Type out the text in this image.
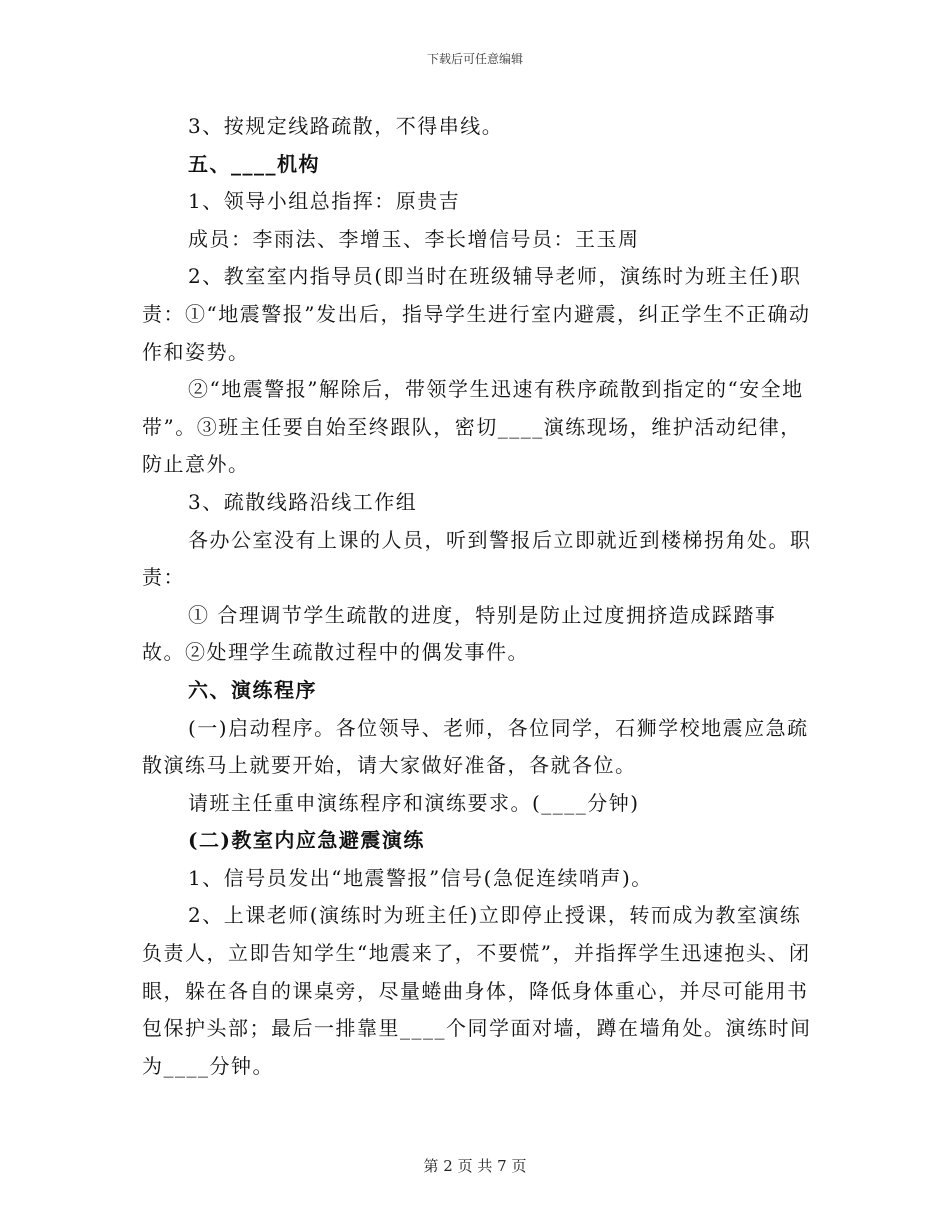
下载后可任意编辑

3、按规定线路疏散，不得串线。

五、____机构

1、领导小组总指挥：原贵吉

成员：李雨法、李增玉、李长增信号员：王玉周

2、教室室内指导员(即当时在班级辅导老师，演练时为班主任)职责：①“地震警报”发出后，指导学生进行室内避震，纠正学生不正确动作和姿势。

②“地震警报”解除后，带领学生迅速有秩序疏散到指定的“安全地带”。③班主任要自始至终跟队，密切____演练现场，维护活动纪律，防止意外。

3、疏散线路沿线工作组

各办公室没有上课的人员，听到警报后立即就近到楼梯拐角处。职责：

① 合理调节学生疏散的进度，特别是防止过度拥挤造成踩踏事故。②处理学生疏散过程中的偶发事件。

六、演练程序

(一)启动程序。各位领导、老师，各位同学，石狮学校地震应急疏散演练马上就要开始，请大家做好准备，各就各位。

请班主任重申演练程序和演练要求。(____分钟)

(二)教室内应急避震演练

1、信号员发出“地震警报”信号(急促连续哨声)。

2、上课老师(演练时为班主任)立即停止授课，转而成为教室演练负责人，立即告知学生“地震来了，不要慌”，并指挥学生迅速抱头、闭眼，躲在各自的课桌旁，尽量蜷曲身体，降低身体重心，并尽可能用书包保护头部；最后一排靠里____个同学面对墙，蹲在墙角处。演练时间为____分钟。

第 2 页 共 7 页
